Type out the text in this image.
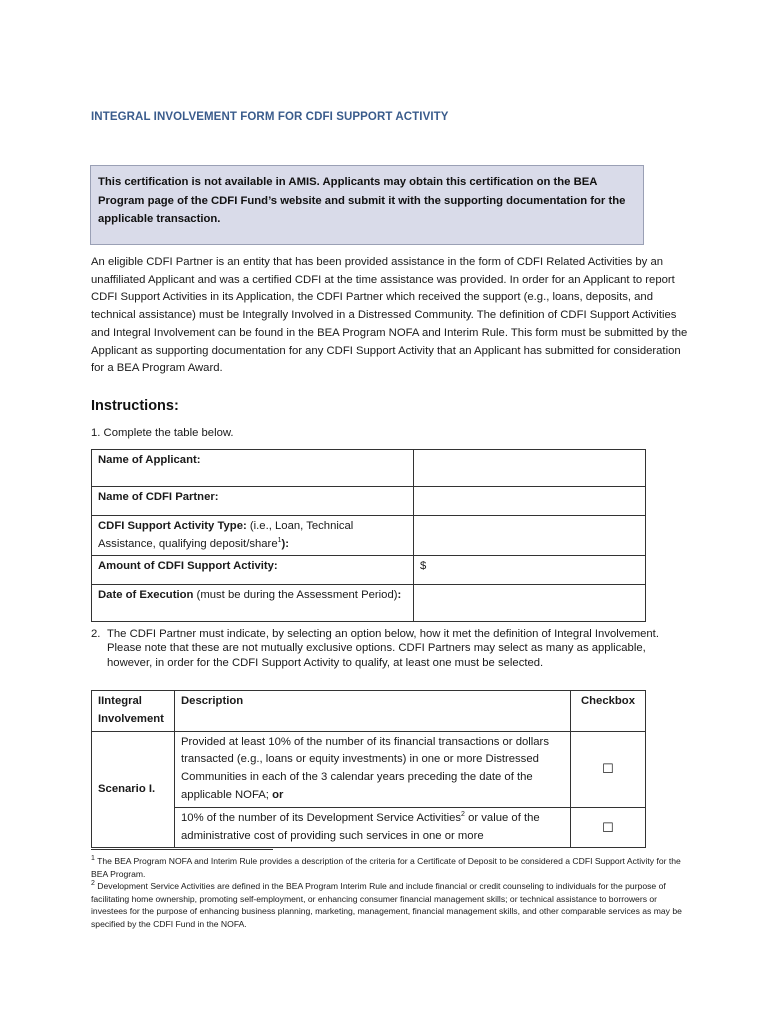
INTEGRAL INVOLVEMENT FORM FOR CDFI SUPPORT ACTIVITY

This certification is not available in AMIS. Applicants may obtain this certification on the BEA Program page of the CDFI Fund’s website and submit it with the supporting documentation for the applicable transaction.

An eligible CDFI Partner is an entity that has been provided assistance in the form of CDFI Related Activities by an unaffiliated Applicant and was a certified CDFI at the time assistance was provided. In order for an Applicant to report CDFI Support Activities in its Application, the CDFI Partner which received the support (e.g., loans, deposits, and technical assistance) must be Integrally Involved in a Distressed Community. The definition of CDFI Support Activities and Integral Involvement can be found in the BEA Program NOFA and Interim Rule. This form must be submitted by the Applicant as supporting documentation for any CDFI Support Activity that an Applicant has submitted for consideration for a BEA Program Award.

Instructions:
1. Complete the table below.
Name of Applicant:	
Name of CDFI Partner:	
CDFI Support Activity Type: (i.e., Loan, Technical Assistance, qualifying deposit/share$^1$):	
Amount of CDFI Support Activity:	$
Date of Execution (must be during the Assessment Period):	
2. The CDFI Partner must indicate, by selecting an option below, how it met the definition of Integral Involvement. Please note that these are not mutually exclusive options. CDFI Partners may select as many as applicable, however, in order for the CDFI Support Activity to qualify, at least one must be selected.
IIntegral Involvement	Description	Checkbox
Scenario I.	Provided at least 10% of the number of its financial transactions or dollars transacted (e.g., loans or equity investments) in one or more Distressed Communities in each of the 3 calendar years preceding the date of the applicable NOFA; or	☐
	10% of the number of its Development Service Activities$^2$ or value of the administrative cost of providing such services in one or more	☐
$^1$ The BEA Program NOFA and Interim Rule provides a description of the criteria for a Certificate of Deposit to be considered a CDFI Support Activity for the BEA Program.
$^2$ Development Service Activities are defined in the BEA Program Interim Rule and include financial or credit counseling to individuals for the purpose of facilitating home ownership, promoting self-employment, or enhancing consumer financial management skills; or technical assistance to borrowers or investees for the purpose of enhancing business planning, marketing, management, financial management skills, and other comparable services as may be specified by the CDFI Fund in the NOFA.
